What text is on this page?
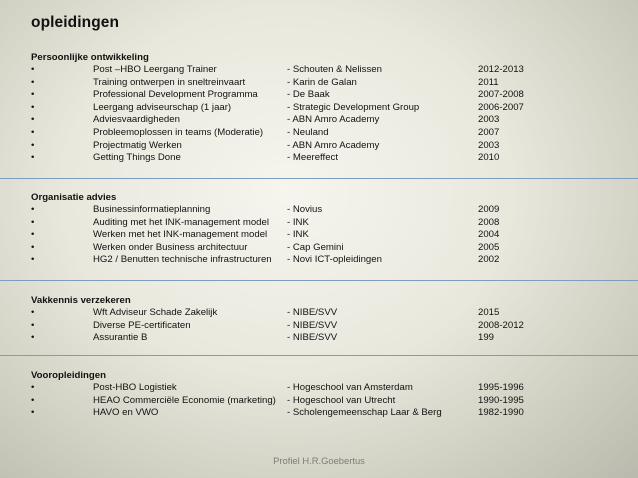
opleidingen
Persoonlijke ontwikkeling
•	Post –HBO Leergang Trainer	- Schouten & Nelissen	2012-2013
•	Training ontwerpen in sneltreinvaart	- Karin de Galan	2011
•	Professional Development Programma	- De Baak	2007-2008
•	Leergang adviseurschap (1 jaar)	- Strategic Development Group	2006-2007
•	Adviesvaardigheden	- ABN Amro Academy	2003
•	Probleemoplossen in teams (Moderatie) - Neuland	2007
•	Projectmatig Werken	- ABN Amro Academy	2003
•	Getting Things Done	- Meereffect	2010
Organisatie advies
•	Businessinformatieplanning	- Novius	2009
•	Auditing met het INK-management model - INK	2008
•	Werken met het INK-management model - INK	2004
•	Werken onder Business architectuur	- Cap Gemini	2005
•	HG2 / Benutten technische infrastructuren - Novi ICT-opleidingen	2002
Vakkennis verzekeren
•	Wft Adviseur Schade Zakelijk	- NIBE/SVV	2015
•	Diverse PE-certificaten	- NIBE/SVV	2008-2012
•	Assurantie B	- NIBE/SVV	199
Vooropleidingen
•	Post-HBO Logistiek	- Hogeschool van Amsterdam	1995-1996
•	HEAO Commerciële Economie (marketing) - Hogeschool van Utrecht	1990-1995
•	HAVO en VWO	- Scholengemeenschap Laar & Berg	1982-1990
Profiel H.R.Goebertus
